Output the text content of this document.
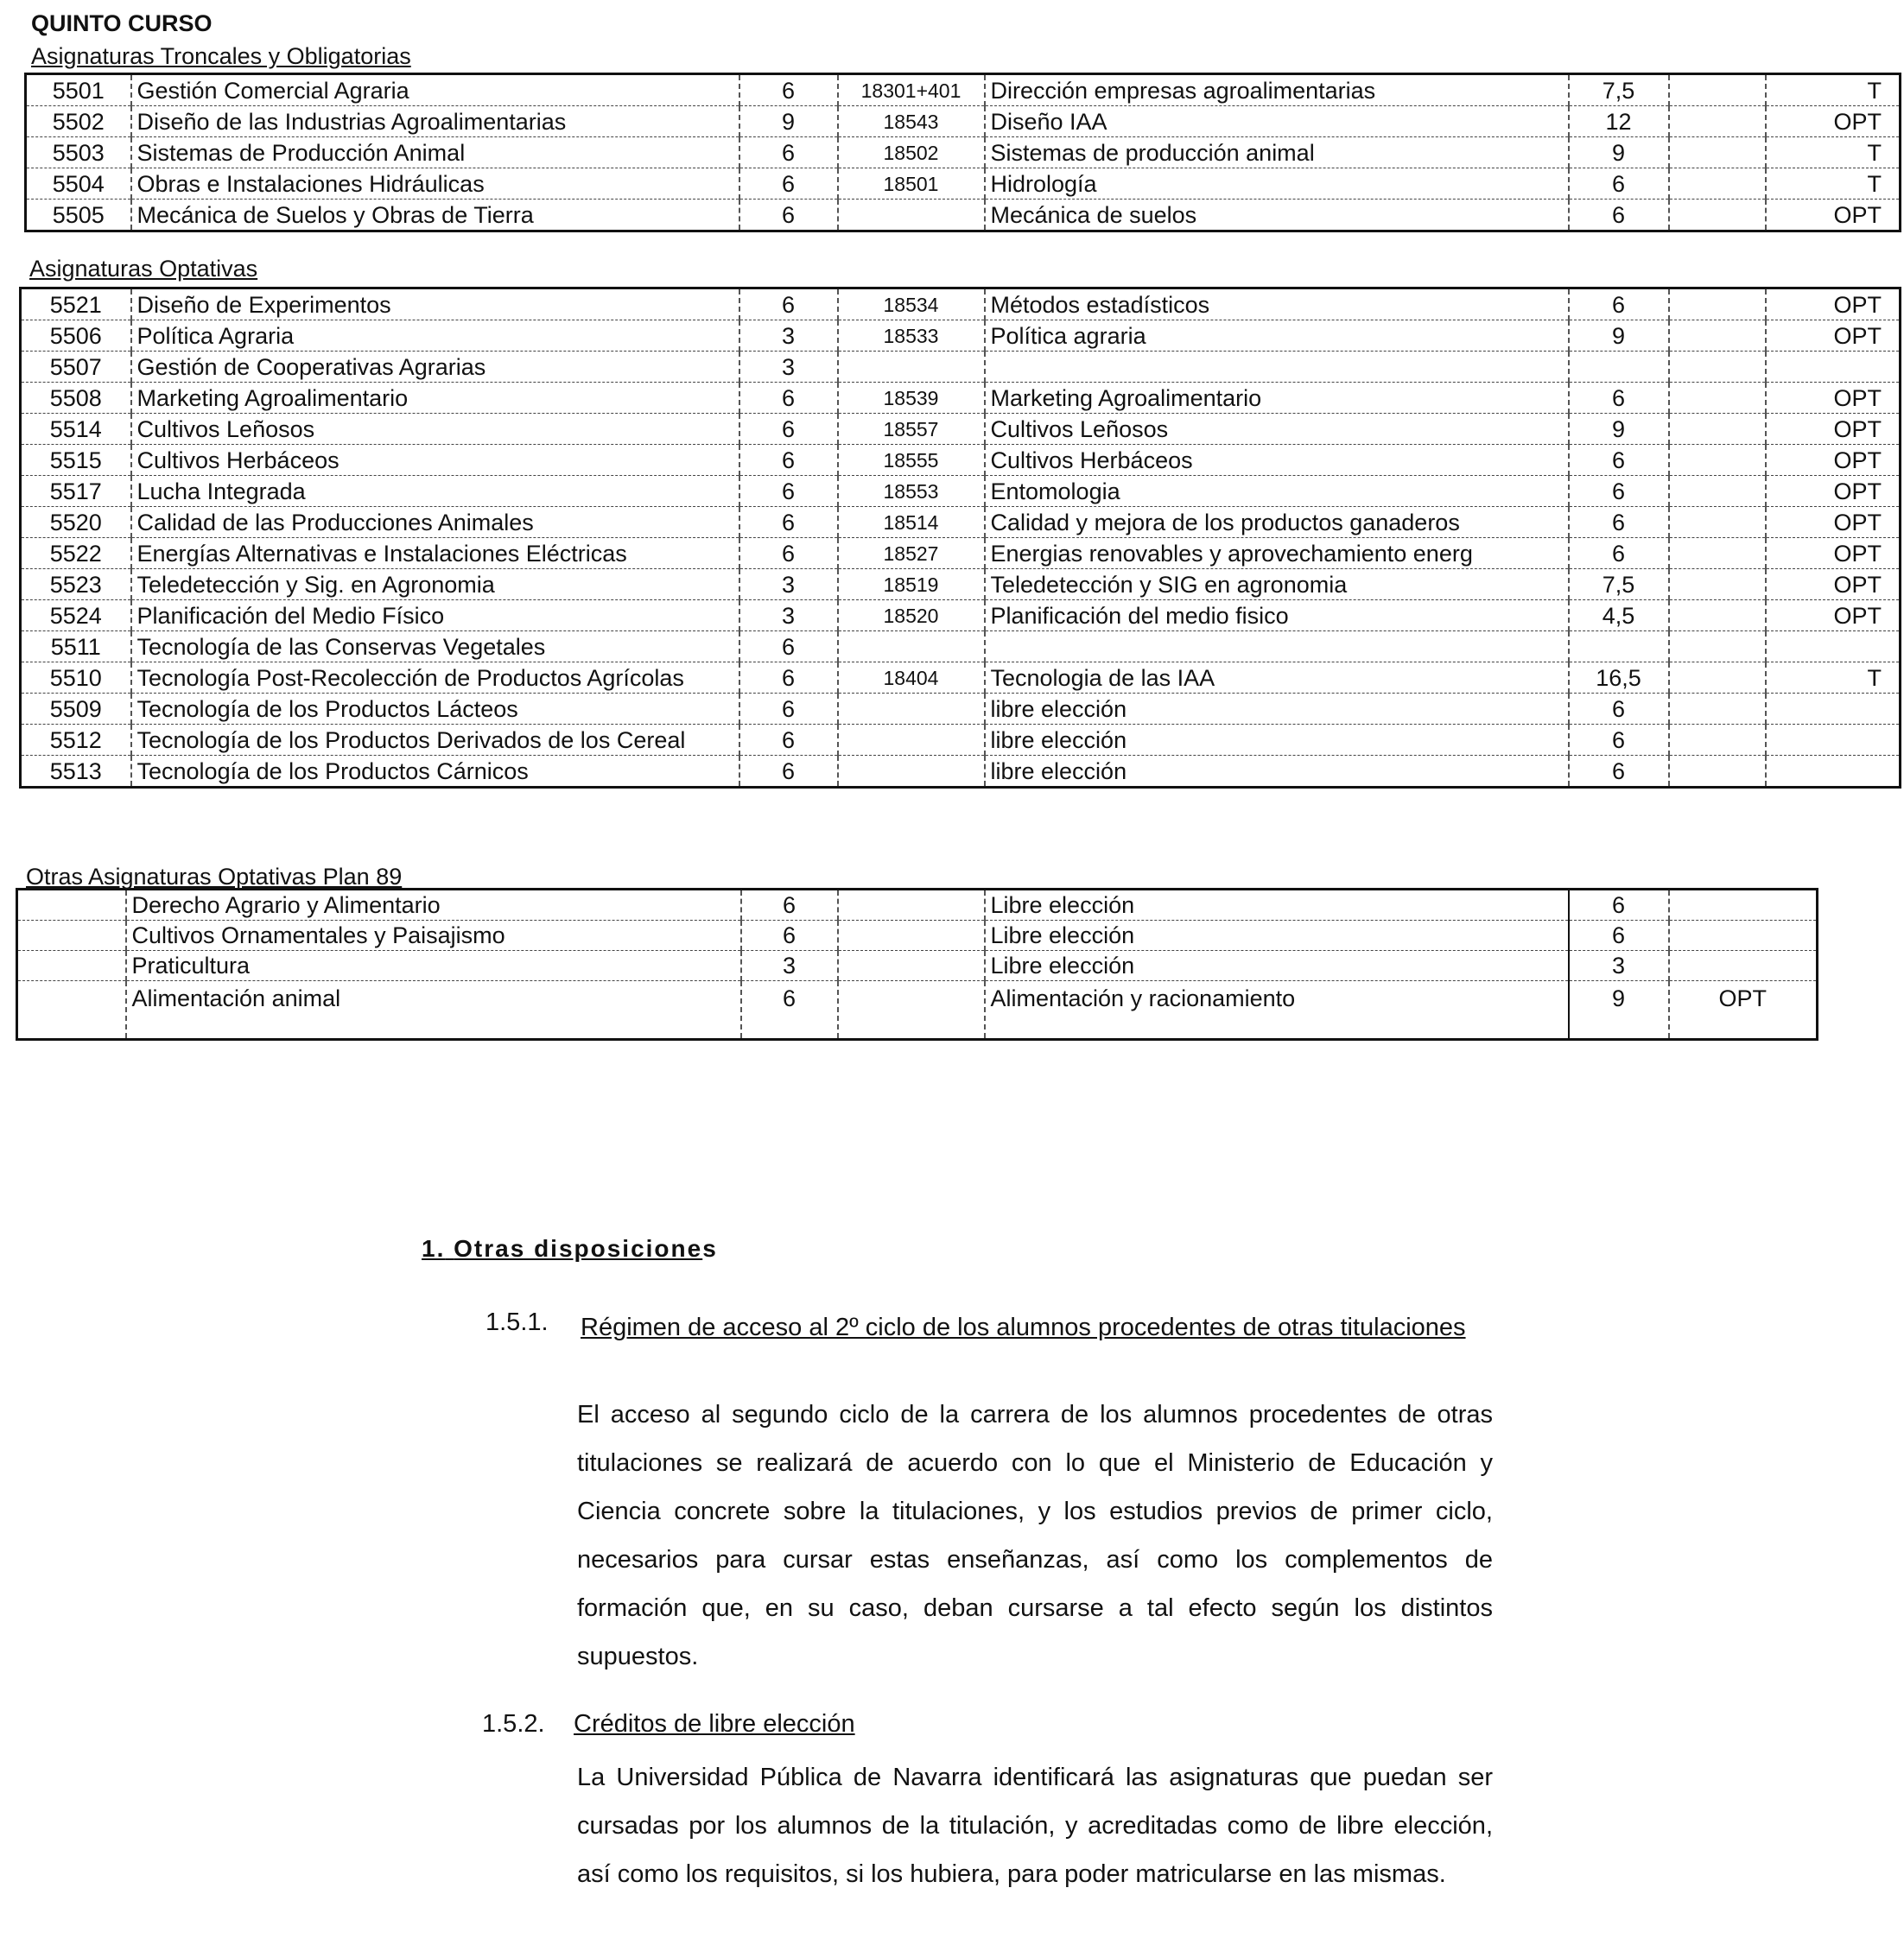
QUINTO CURSO
Asignaturas Troncales y Obligatorias
5501	Gestión Comercial Agraria	6	18301+401	Dirección empresas agroalimentarias	7,5		T
5502	Diseño de las Industrias Agroalimentarias	9	18543	Diseño IAA	12		OPT
5503	Sistemas de Producción Animal	6	18502	Sistemas de producción animal	9		T
5504	Obras e Instalaciones Hidráulicas	6	18501	Hidrología	6		T
5505	Mecánica de Suelos y Obras de Tierra	6		Mecánica de suelos	6		OPT
Asignaturas Optativas
5521	Diseño de Experimentos	6	18534	Métodos estadísticos	6		OPT
5506	Política Agraria	3	18533	Política agraria	9		OPT
5507	Gestión de Cooperativas Agrarias	3					
5508	Marketing Agroalimentario	6	18539	Marketing Agroalimentario	6		OPT
5514	Cultivos Leñosos	6	18557	Cultivos Leñosos	9		OPT
5515	Cultivos Herbáceos	6	18555	Cultivos Herbáceos	6		OPT
5517	Lucha Integrada	6	18553	Entomologia	6		OPT
5520	Calidad de las Producciones Animales	6	18514	Calidad y mejora de los productos ganaderos	6		OPT
5522	Energías Alternativas e Instalaciones Eléctricas	6	18527	Energias renovables y aprovechamiento energ	6		OPT
5523	Teledetección y Sig. en Agronomia	3	18519	Teledetección y SIG en agronomia	7,5		OPT
5524	Planificación del Medio Físico	3	18520	Planificación del medio fisico	4,5		OPT
5511	Tecnología de las Conservas Vegetales	6					
5510	Tecnología Post-Recolección de Productos Agrícolas	6	18404	Tecnologia de las IAA	16,5		T
5509	Tecnología de los Productos Lácteos	6		libre elección	6		
5512	Tecnología de los Productos Derivados de los Cereal	6		libre elección	6		
5513	Tecnología de los Productos Cárnicos	6		libre elección	6		
Otras Asignaturas Optativas Plan 89
	Derecho Agrario y Alimentario	6		Libre elección	6	
	Cultivos Ornamentales y Paisajismo	6		Libre elección	6	
	Praticultura	3		Libre elección	3	
	Alimentación animal	6		Alimentación y racionamiento	9	OPT
1. Otras disposiciones
1.5.1.	Régimen de acceso al 2º ciclo de los alumnos procedentes de otras titulaciones
El acceso al segundo ciclo de la carrera de los alumnos procedentes de otras titulaciones se realizará de acuerdo con lo que el Ministerio de Educación y Ciencia concrete sobre la titulaciones, y los estudios previos de primer ciclo, necesarios para cursar estas enseñanzas, así como los complementos de formación que, en su caso, deban cursarse a tal efecto según los distintos supuestos.
1.5.2. Créditos de libre elección
La Universidad Pública de Navarra identificará las asignaturas que puedan ser cursadas por los alumnos de la titulación, y acreditadas como de libre elección, así como los requisitos, si los hubiera, para poder matricularse en las mismas.
